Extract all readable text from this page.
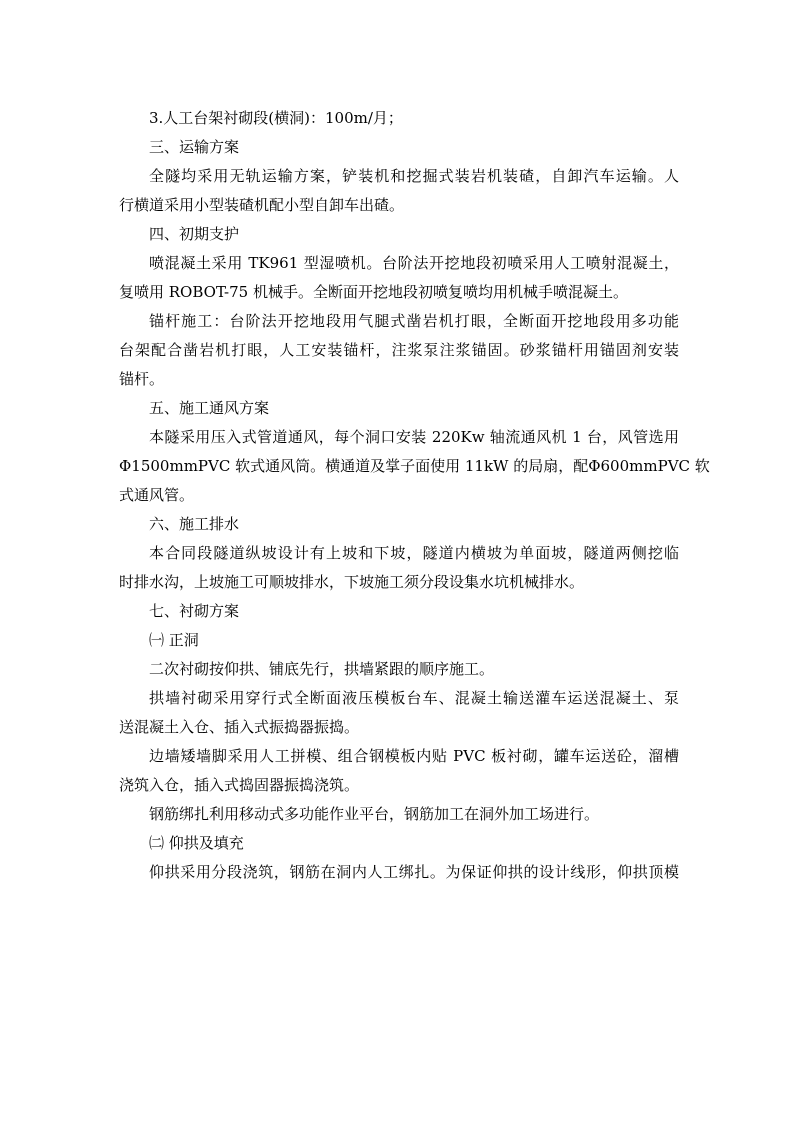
3.人工台架衬砌段(横洞)：100m/月；
三、运输方案
全隧均采用无轨运输方案，铲装机和挖掘式装岩机装碴，自卸汽车运输。人
行横道采用小型装碴机配小型自卸车出碴。
四、初期支护
喷混凝土采用 TK961 型湿喷机。台阶法开挖地段初喷采用人工喷射混凝土，
复喷用 ROBOT-75 机械手。全断面开挖地段初喷复喷均用机械手喷混凝土。
锚杆施工：台阶法开挖地段用气腿式凿岩机打眼，全断面开挖地段用多功能
台架配合凿岩机打眼，人工安装锚杆，注浆泵注浆锚固。砂浆锚杆用锚固剂安装
锚杆。
五、施工通风方案
本隧采用压入式管道通风，每个洞口安装 220Kw 轴流通风机 1 台，风管选用
Φ1500mmPVC 软式通风筒。横通道及掌子面使用 11kW 的局扇，配Φ600mmPVC 软
式通风管。
六、施工排水
本合同段隧道纵坡设计有上坡和下坡，隧道内横坡为单面坡，隧道两侧挖临
时排水沟，上坡施工可顺坡排水，下坡施工须分段设集水坑机械排水。
七、衬砌方案
㈠ 正洞
二次衬砌按仰拱、铺底先行，拱墙紧跟的顺序施工。
拱墙衬砌采用穿行式全断面液压模板台车、混凝土输送灌车运送混凝土、泵
送混凝土入仓、插入式振捣器振捣。
边墙矮墙脚采用人工拼模、组合钢模板内贴 PVC 板衬砌，罐车运送砼，溜槽
浇筑入仓，插入式捣固器振捣浇筑。
钢筋绑扎利用移动式多功能作业平台，钢筋加工在洞外加工场进行。
㈡ 仰拱及填充
仰拱采用分段浇筑，钢筋在洞内人工绑扎。为保证仰拱的设计线形，仰拱顶模
